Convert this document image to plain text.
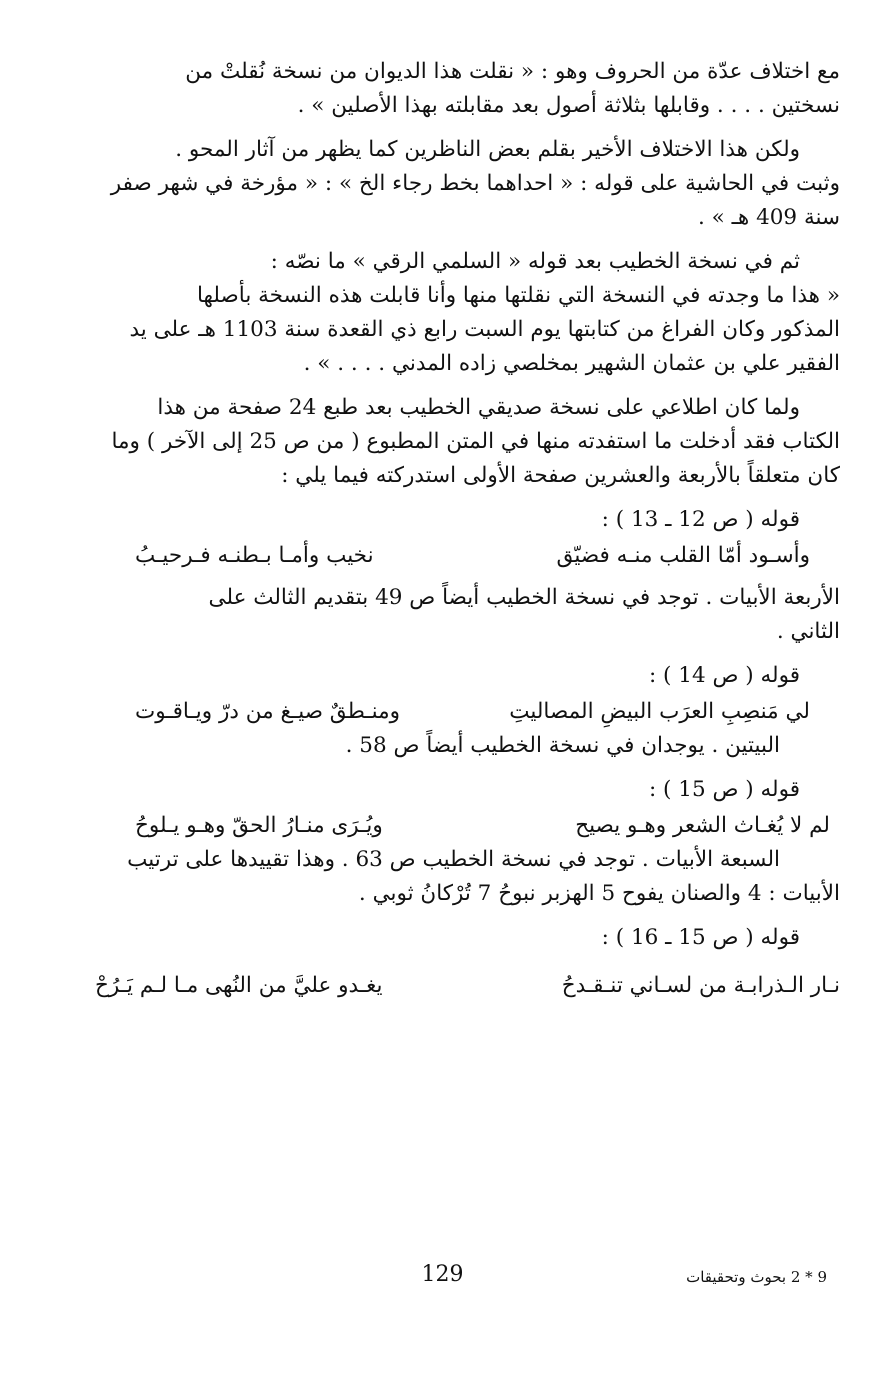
مع اختلاف عدّة من الحروف وهو : « نقلت هذا الديوان من نسخة نُقلتْ من
نسختين . . . . وقابلها بثلاثة أصول بعد مقابلته بهذا الأصلين » .

ولكن هذا الاختلاف الأخير بقلم بعض الناظرين كما يظهر من آثار المحو .
وثبت في الحاشية على قوله : « احداهما بخط رجاء الخ » : « مؤرخة في شهر صفر
سنة 409 هـ » .

ثم في نسخة الخطيب بعد قوله « السلمي الرقي » ما نصّه :
« هذا ما وجدته في النسخة التي نقلتها منها وأنا قابلت هذه النسخة بأصلها
المذكور وكان الفراغ من كتابتها يوم السبت رابع ذي القعدة سنة 1103 هـ على يد
الفقير علي بن عثمان الشهير بمخلصي زاده المدني . . . . » .

ولما كان اطلاعي على نسخة صديقي الخطيب بعد طبع 24 صفحة من هذا
الكتاب فقد أدخلت ما استفدته منها في المتن المطبوع ( من ص 25 إلى الآخر ) وما
كان متعلقاً بالأربعة والعشرين صفحة الأولى استدركته فيما يلي :

قوله ( ص 12 ـ 13 ) :
وأسـود أمّا القلب منـه فضيّق
نخيب وأمـا بـطنـه فـرحيـبُ

الأربعة الأبيات . توجد في نسخة الخطيب أيضاً ص 49 بتقديم الثالث على
الثاني .

قوله ( ص 14 ) :
لي مَنصِبِ العرَب البيضِ المصاليتِ
ومنـطقٌ صيـغ من درّ ويـاقـوت

البيتين . يوجدان في نسخة الخطيب أيضاً ص 58 .

قوله ( ص 15 ) :
لم لا يُغـاث الشعر وهـو يصيح
ويُـرَى منـارُ الحقّ وهـو يـلوحُ

السبعة الأبيات . توجد في نسخة الخطيب ص 63 . وهذا تقييدها على ترتيب
الأبيات : 4 والصنان يفوح 5 الهزبر نبوحُ 7 تُرْكانُ ثوبي .

قوله ( ص 15 ـ 16 ) :
نـار الـذرابـة من لسـاني تنـقـدحُ
يغـدو عليَّ من النُهى مـا لـم يَـرُحْ
129	9 * 2 بحوث وتحقيقات
